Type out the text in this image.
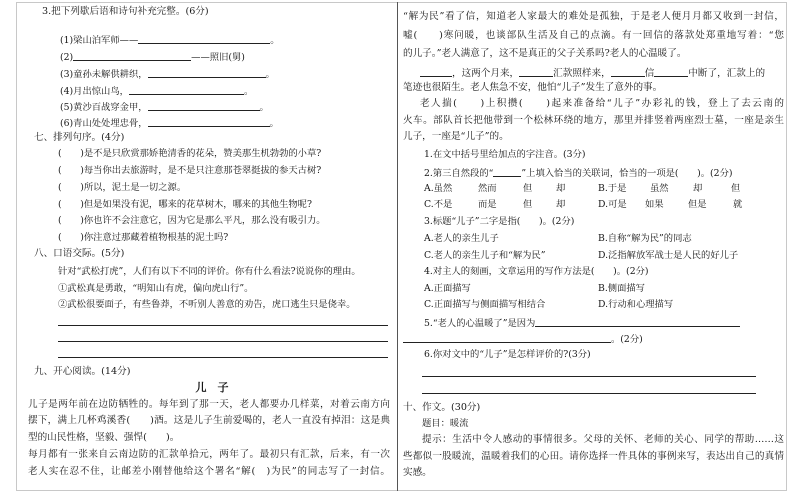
3.把下列歇后语和诗句补充完整。(6分)
(1)梁山泊军师——	。
(2)	——照旧(舅)
(3)童孙未解供耕织，	。
(4)月出惊山鸟，	。
(5)黄沙百战穿金甲，	。
(6)青山处处埋忠骨，	。
七、排列句序。(4分)
(　　)是不是只欣赏那娇艳清香的花朵，赞美那生机勃勃的小草?
(　　)每当你出去旅游时，是不是只注意那苍翠挺拔的参天古树?
(　　)所以，泥土是一切之源。
(　　)但是如果没有泥，哪来的花草树木，哪来的其他生物呢?
(　　)你也许不会注意它，因为它是那么平凡，那么没有吸引力。
(　　)你注意过那藏着植物根基的泥土吗?
八、口语交际。(5分)
针对“武松打虎”，人们有以下不同的评价。你有什么看法?说说你的理由。
①武松真是勇敢，“明知山有虎，偏向虎山行”。
②武松很要面子，有些鲁莽，不听别人善意的劝告，虎口逃生只是侥幸。
九、开心阅读。(14分)
儿　子
儿子是两年前在边防牺牲的。每年到了那一天，老人都要办几样菜，对着云南方向
摆下，满上几杯鸡溪香(　　)酒。这是儿子生前爱喝的，老人一直没有掉泪：这是典
型的山民性格，坚毅、强悍(　　)。
每月都有一张来自云南边防的汇款单拾元，两年了。最初只有汇款，后来，有一次
老人实在忍不住，让邮差小刚替他给这个署名“解(　)为民”的同志写了一封信。
“解为民”看了信，知道老人家最大的难处是孤独，于是老人便月月都又收到一封信，
嘘(　　)寒问暖，也谈部队生活及自己的点滴。有一回信的落款处郑重地写着：“您
的儿子。”老人满意了，这不是真正的父子关系吗?老人的心温暖了。
，这两个月来，	汇款照样来，	信	中断了，汇款上的
笔迹也很陌生。老人焦急不安，他怕“儿子”发生了意外的事。
老人揣(　　)上积攒(　　)起来准备给“儿子”办彩礼的钱，登上了去云南的
火车。部队首长把他带到一个松林环绕的地方，那里并排竖着两座烈士墓，一座是亲生
儿子，一座是“儿子”的。
1.在文中括号里给加点的字注音。(3分)
2.第三自然段的“	”上填入恰当的关联词，恰当的一项是(　　)。(2分)
A.虽然	然而	但	却	B.于是	虽然	却	但
C.不是	而是	但	却	D.可是 如果	但是	就
3.标题“儿子”二字是指(　　)。(2分)
A.老人的亲生儿子	B.自称“解为民”的同志
C.老人的亲生儿子和“解为民”	D.泛指解放军战士是人民的好儿子
4.对主人的刻画，文章运用的写作方法是(　　)。(2分)
A.正面描写	B.侧面描写
C.正面描写与侧面描写相结合	D.行动和心理描写
5.“老人的心温暖了”是因为
。(2分)
6.你对文中的“儿子”是怎样评价的?(3分)
十、作文。(30分)
题目：暖流
提示：生活中令人感动的事情很多。父母的关怀、老师的关心、同学的帮助……这
些都似一股暖流，温暖着我们的心田。请你选择一件具体的事例来写，表达出自己的真情
实感。
